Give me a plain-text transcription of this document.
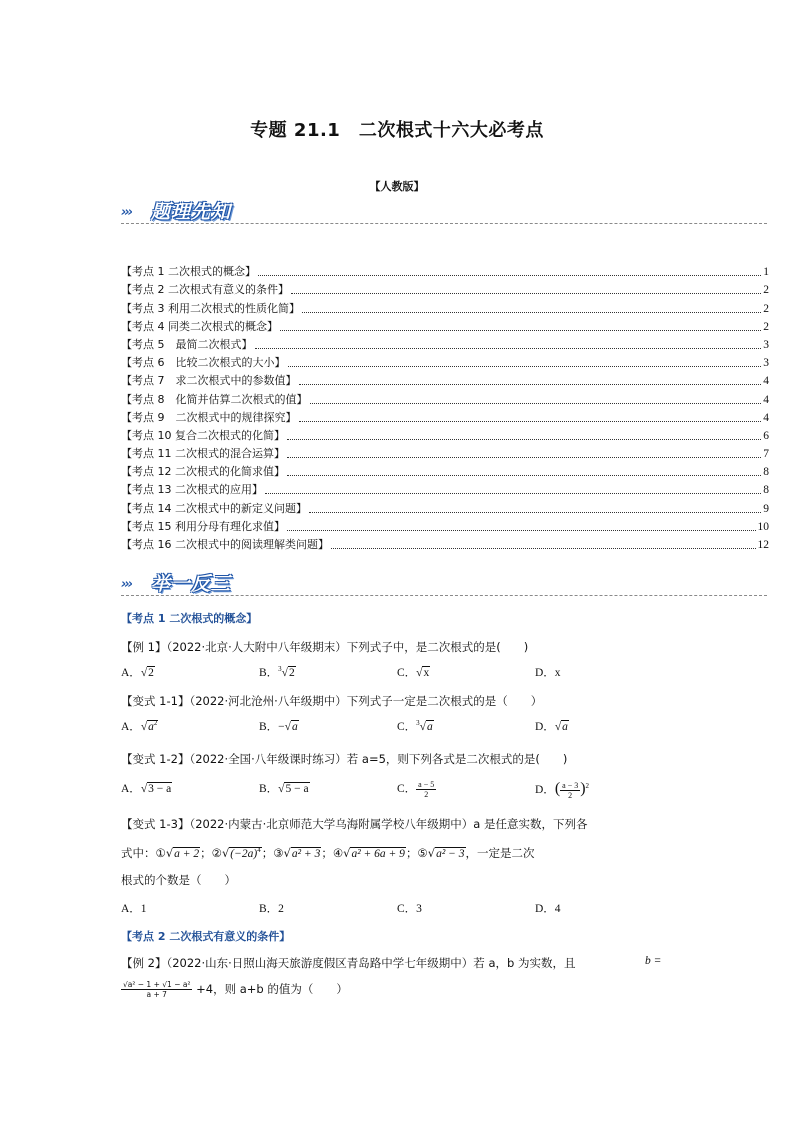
专题 21.1　二次根式十六大必考点
【人教版】
››› 题理先知
【考点 1 二次根式的概念】	1
【考点 2 二次根式有意义的条件】	2
【考点 3 利用二次根式的性质化简】	2
【考点 4 同类二次根式的概念】	2
【考点 5　最简二次根式】	3
【考点 6　比较二次根式的大小】	3
【考点 7　求二次根式中的参数值】	4
【考点 8　化简并估算二次根式的值】	4
【考点 9　二次根式中的规律探究】	4
【考点 10 复合二次根式的化简】	6
【考点 11 二次根式的混合运算】	7
【考点 12 二次根式的化简求值】	8
【考点 13 二次根式的应用】	8
【考点 14 二次根式中的新定义问题】	9
【考点 15 利用分母有理化求值】	10
【考点 16 二次根式中的阅读理解类问题】	12
››› 举一反三
【考点 1 二次根式的概念】
【例 1】（2022·北京·人大附中八年级期末）下列式子中，是二次根式的是(　　)
A．√2	B．$^3$√2	C．√x	D．x
【变式 1-1】（2022·河北沧州·八年级期中）下列式子一定是二次根式的是（　　）
A．$√a^2$	B．−√a	C．$^3$√a	D．√a
【变式 1-2】（2022·全国·八年级课时练习）若 a=5，则下列各式是二次根式的是(　　)
A．√3 − a	B．√5 − a	C． $\frac{a - 5}{2}$	D．( $\frac{a - 3}{2} )^2$
【变式 1-3】（2022·内蒙古·北京师范大学乌海附属学校八年级期中）a 是任意实数，下列各
式中：①√a + 2；$②√(-2a)^4$；③√a² + 3；④√a² + 6a + 9；⑤√a² − 3，一定是二次
根式的个数是（　　）
A．1	B．2	C．3	D．4
【考点 2 二次根式有意义的条件】
【例 2】（2022·山东·日照山海天旅游度假区青岛路中学七年级期中）若 a，b 为实数，且
$\frac{\text{√a² − 1 + √1 − a²}}{a + 7} +4$，则 a+b 的值为（　　）
b =
